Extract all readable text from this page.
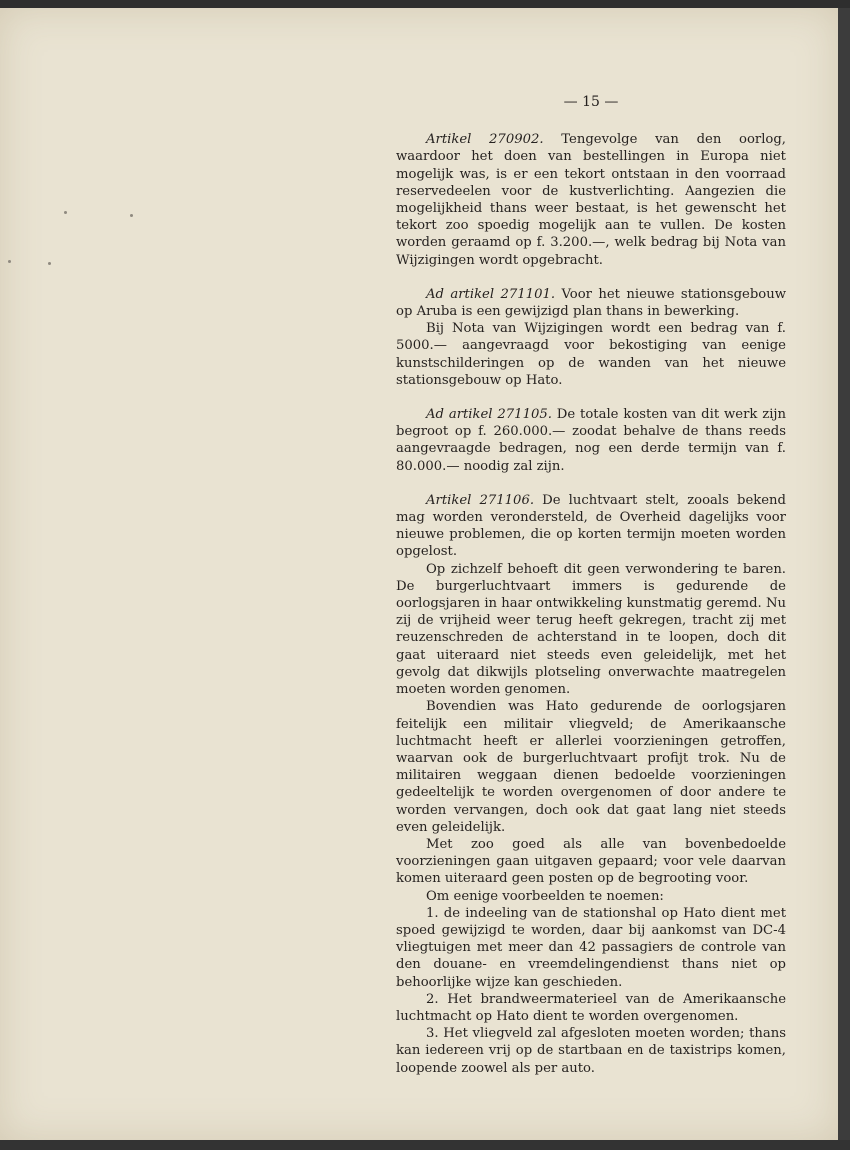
— 15 —

Artikel 270902. Tengevolge van den oorlog, waardoor het doen van bestellingen in Europa niet mogelijk was, is er een tekort ontstaan in den voorraad reservedeelen voor de kustverlichting. Aangezien die mogelijkheid thans weer bestaat, is het gewenscht het tekort zoo spoedig mogelijk aan te vullen. De kosten worden geraamd op f. 3.200.—, welk bedrag bij Nota van Wijzigingen wordt opgebracht.

Ad artikel 271101. Voor het nieuwe stationsgebouw op Aruba is een gewijzigd plan thans in bewerking.

Bij Nota van Wijzigingen wordt een bedrag van f. 5000.— aangevraagd voor bekostiging van eenige kunstschilderingen op de wanden van het nieuwe stationsgebouw op Hato.

Ad artikel 271105. De totale kosten van dit werk zijn begroot op f. 260.000.— zoodat behalve de thans reeds aangevraagde bedragen, nog een derde termijn van f. 80.000.— noodig zal zijn.

Artikel 271106. De luchtvaart stelt, zooals bekend mag worden verondersteld, de Overheid dagelijks voor nieuwe problemen, die op korten termijn moeten worden opgelost.

Op zichzelf behoeft dit geen verwondering te baren. De burgerluchtvaart immers is gedurende de oorlogsjaren in haar ontwikkeling kunstmatig geremd. Nu zij de vrijheid weer terug heeft gekregen, tracht zij met reuzenschreden de achterstand in te loopen, doch dit gaat uiteraard niet steeds even geleidelijk, met het gevolg dat dikwijls plotseling onverwachte maatregelen moeten worden genomen.

Bovendien was Hato gedurende de oorlogsjaren feitelijk een militair vliegveld; de Amerikaansche luchtmacht heeft er allerlei voorzieningen getroffen, waarvan ook de burgerluchtvaart profijt trok. Nu de militairen weggaan dienen bedoelde voorzieningen gedeeltelijk te worden overgenomen of door andere te worden vervangen, doch ook dat gaat lang niet steeds even geleidelijk.

Met zoo goed als alle van bovenbedoelde voorzieningen gaan uitgaven gepaard; voor vele daarvan komen uiteraard geen posten op de begrooting voor.

Om eenige voorbeelden te noemen:

1. de indeeling van de stationshal op Hato dient met spoed gewijzigd te worden, daar bij aankomst van DC-4 vliegtuigen met meer dan 42 passagiers de controle van den douane- en vreemdelingendienst thans niet op behoorlijke wijze kan geschieden.

2. Het brandweermaterieel van de Amerikaansche luchtmacht op Hato dient te worden overgenomen.

3. Het vliegveld zal afgesloten moeten worden; thans kan iedereen vrij op de startbaan en de taxistrips komen, loopende zoowel als per auto.
